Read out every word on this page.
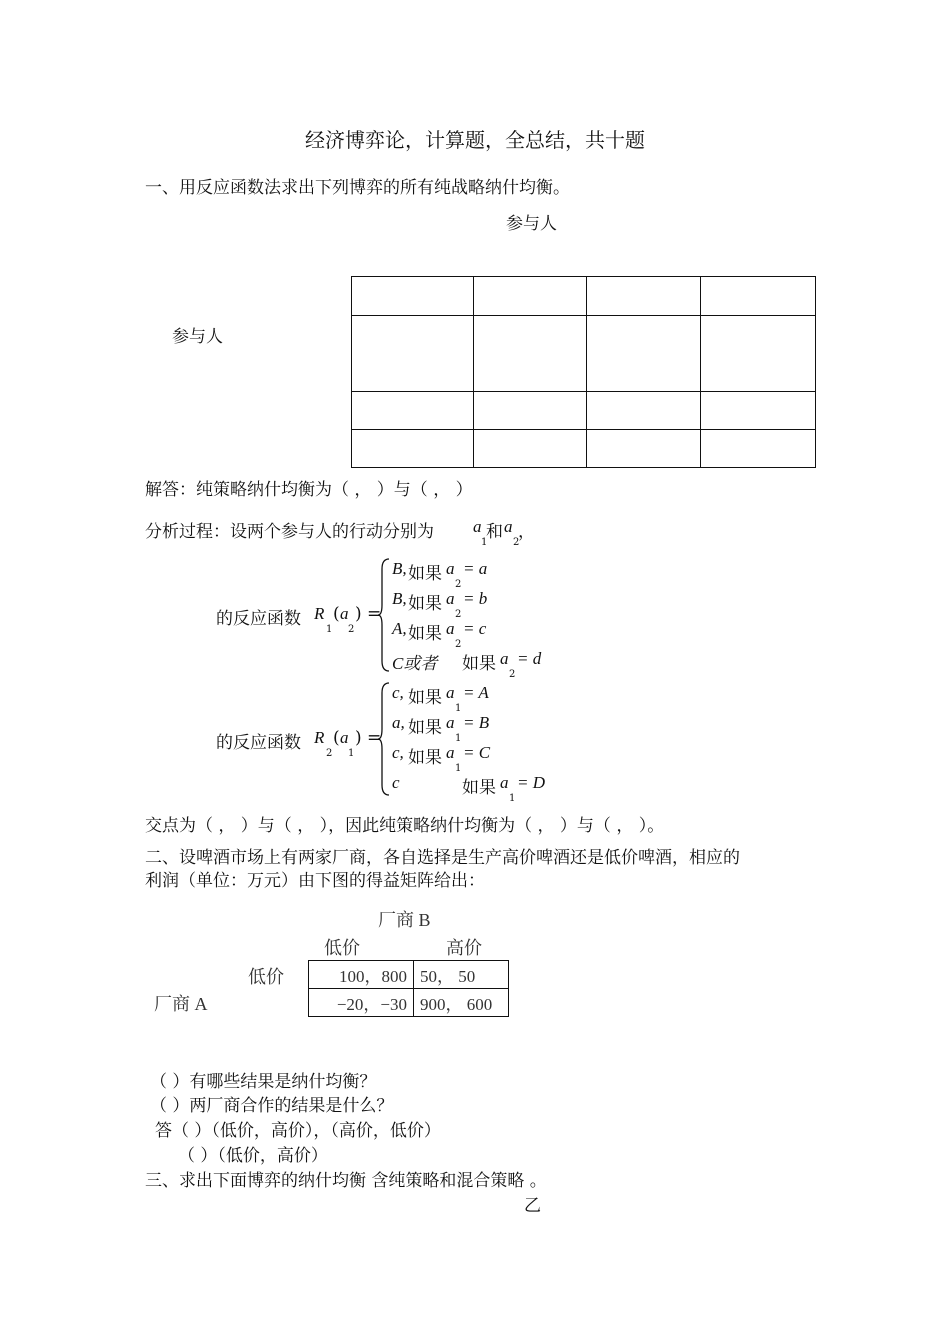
经济博弈论，计算题，全总结，共十题
一、用反应函数法求出下列博弈的所有纯战略纳什均衡。
参与人
参与人

解答：纯策略纳什均衡为（ ， ）与（ ， ）
分析过程：设两个参与人的行动分别为 a
1
和 a
2
，
的反应函数 R
1
( a
2
) =
B, 如果 a
2
= a
B, 如果 a
2
= b
A, 如果 a
2
= c
C或者 如果 a
2
= d
的反应函数 R
2
( a
1
) =
c, 如果 a
1
= A
a, 如果 a
1
= B
c, 如果 a
1
= C
c	如果 a
1
= D
交点为（ ， ）与（ ， ），因此纯策略纳什均衡为（ ， ）与（ ， ）。
二、设啤酒市场上有两家厂商，各自选择是生产高价啤酒还是低价啤酒，相应的
利润（单位：万元）由下图的得益矩阵给出：
厂商 B
低价	高价
低价
厂商 A
100，800	50， 50
−20，−30	900， 600
（ ）有哪些结果是纳什均衡？
（ ）两厂商合作的结果是什么？
答（ ）（低价，高价），（高价，低价）
（ ）（低价，高价）
三、求出下面博弈的纳什均衡 含纯策略和混合策略 。
乙
